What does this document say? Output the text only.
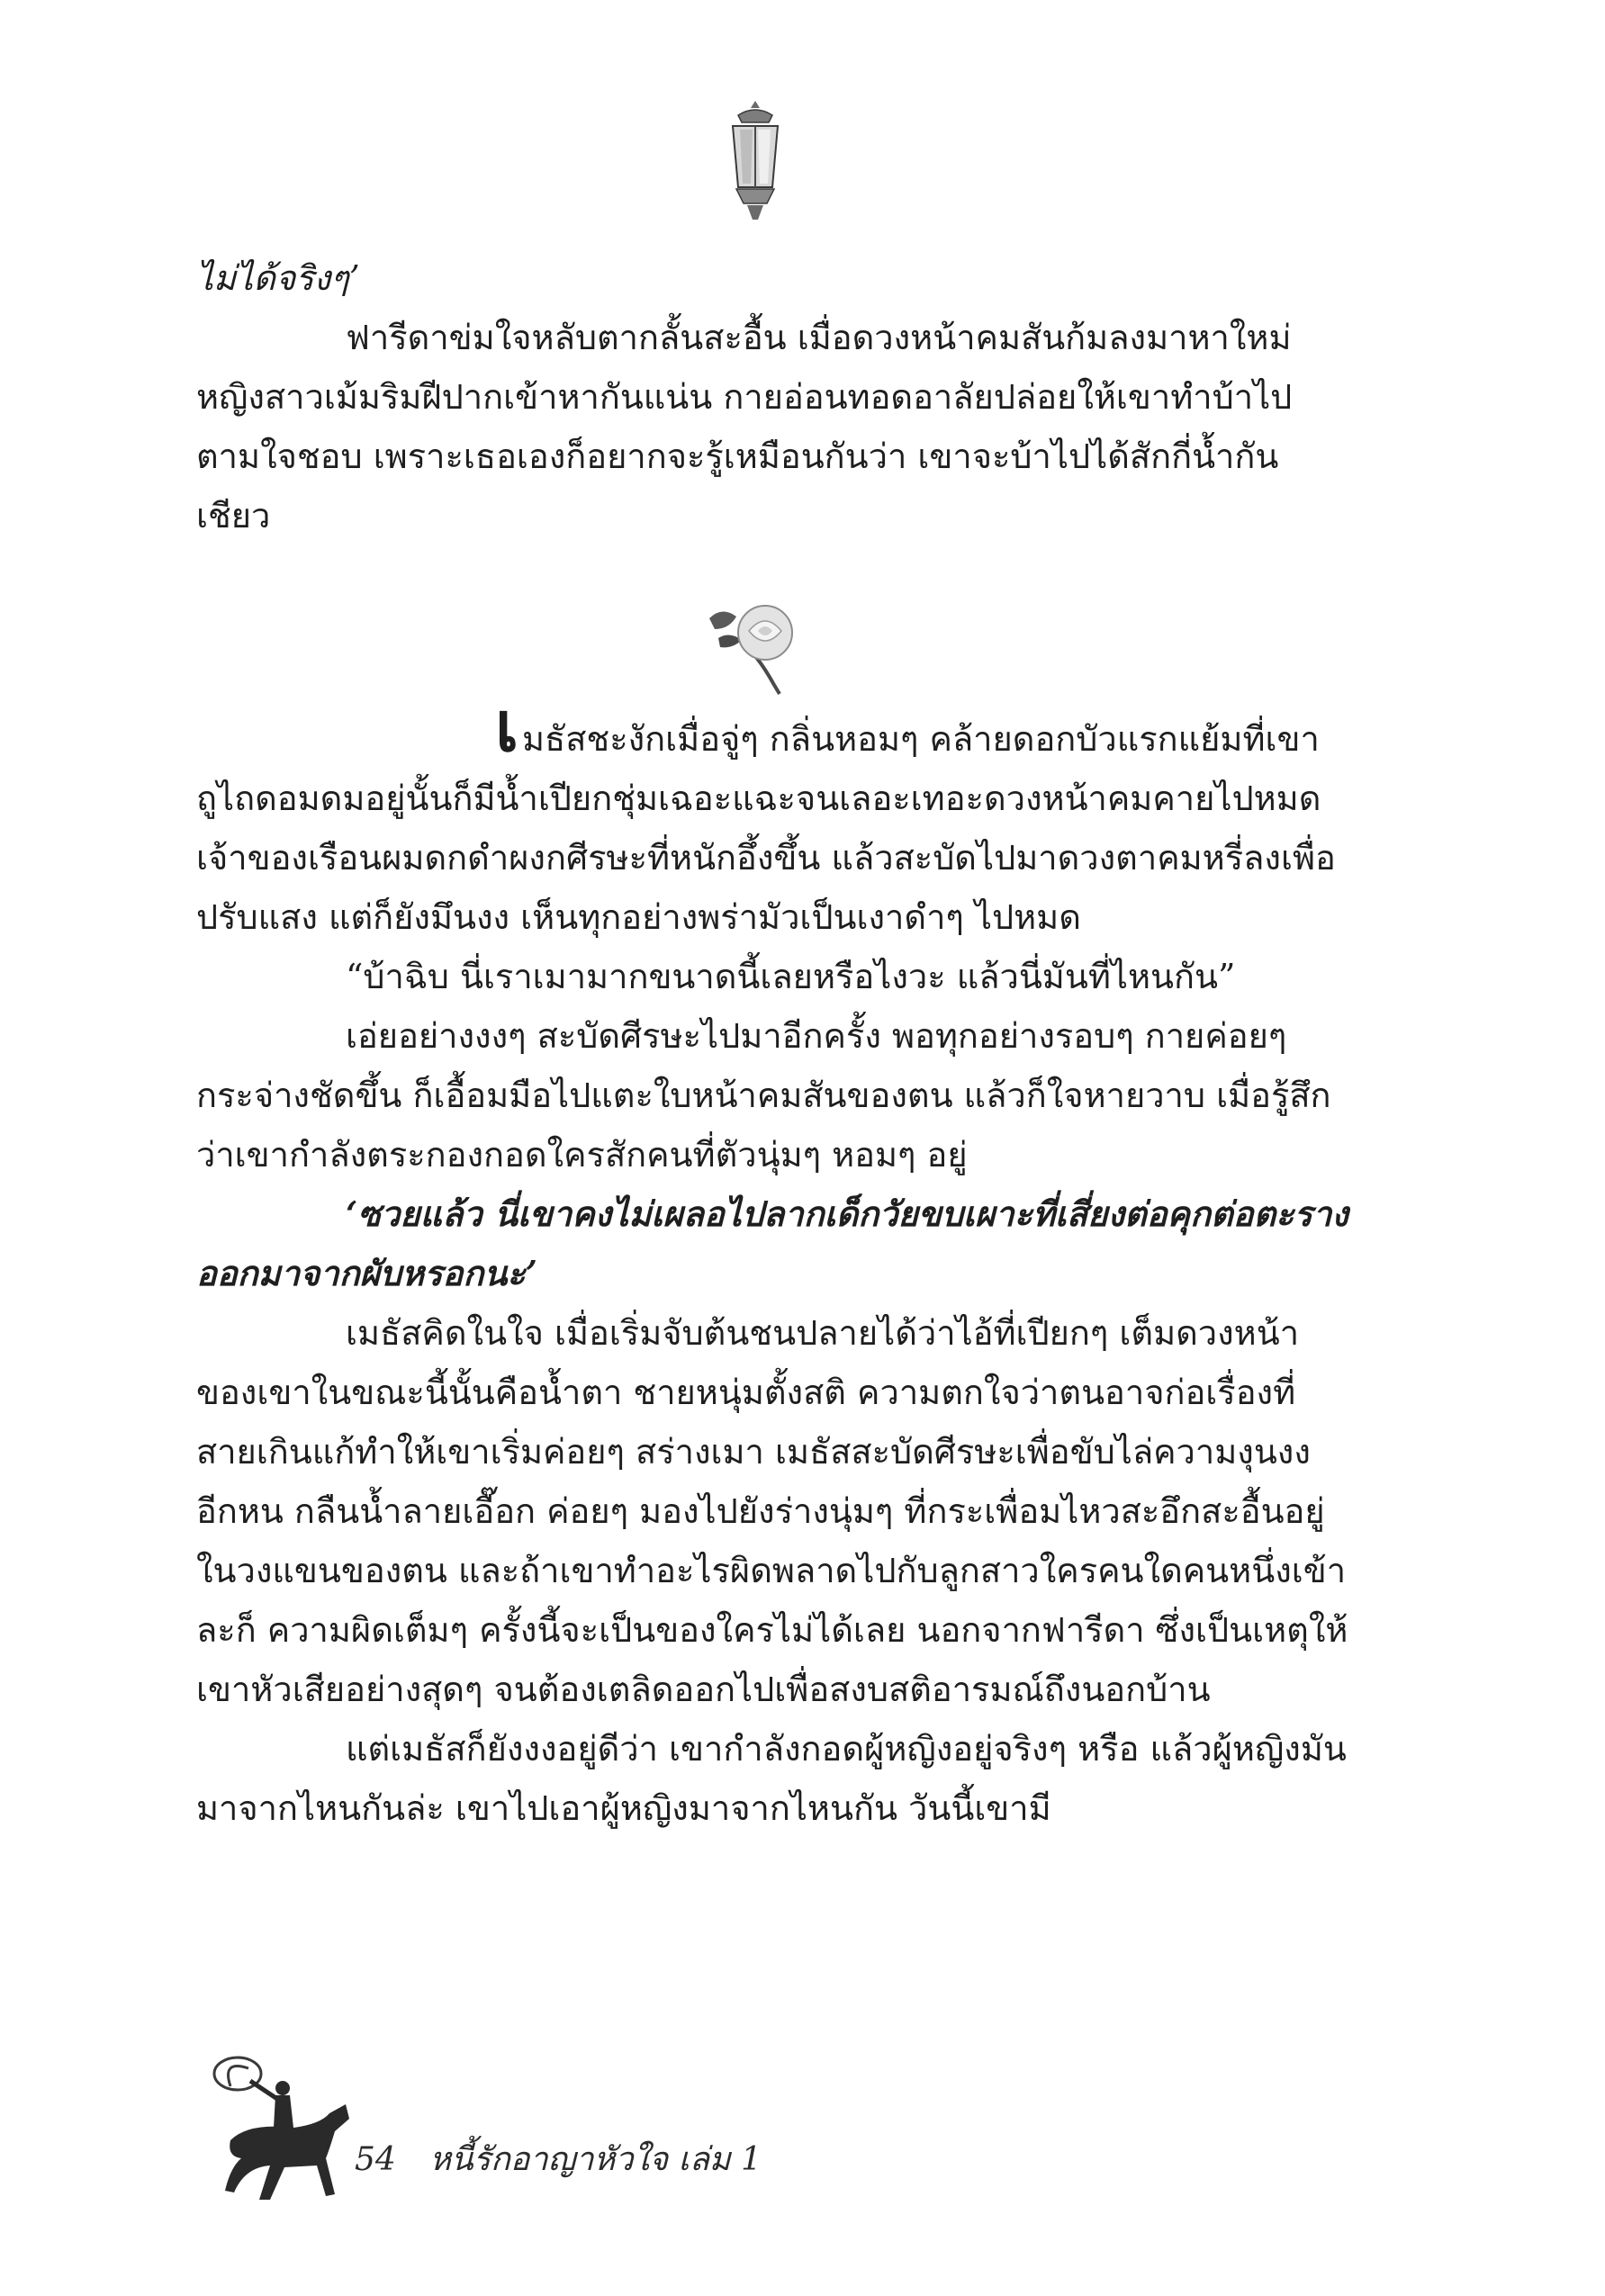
ไม่ได้จริงๆ’

ฟารีดาข่มใจหลับตากลั้นสะอื้น เมื่อดวงหน้าคมสันก้มลงมาหาใหม่ หญิงสาวเม้มริมฝีปากเข้าหากันแน่น กายอ่อนทอดอาลัยปล่อยให้เขาทำบ้าไปตามใจชอบ เพราะเธอเองก็อยากจะรู้เหมือนกันว่า เขาจะบ้าไปได้สักกี่น้ำกันเชียว

เมธัสชะงักเมื่อจู่ๆ กลิ่นหอมๆ คล้ายดอกบัวแรกแย้มที่เขาถูไถดอมดมอยู่นั้นก็มีน้ำเปียกชุ่มเฉอะแฉะจนเลอะเทอะดวงหน้าคมคายไปหมด เจ้าของเรือนผมดกดำผงกศีรษะที่หนักอึ้งขึ้น แล้วสะบัดไปมาดวงตาคมหรี่ลงเพื่อปรับแสง แต่ก็ยังมึนงง เห็นทุกอย่างพร่ามัวเป็นเงาดำๆ ไปหมด

“บ้าฉิบ นี่เราเมามากขนาดนี้เลยหรือไงวะ แล้วนี่มันที่ไหนกัน”

เอ่ยอย่างงงๆ สะบัดศีรษะไปมาอีกครั้ง พอทุกอย่างรอบๆ กายค่อยๆ กระจ่างชัดขึ้น ก็เอื้อมมือไปแตะใบหน้าคมสันของตน แล้วก็ใจหายวาบ เมื่อรู้สึกว่าเขากำลังตระกองกอดใครสักคนที่ตัวนุ่มๆ หอมๆ อยู่

‘ซวยแล้ว นี่เขาคงไม่เผลอไปลากเด็กวัยขบเผาะที่เสี่ยงต่อคุกต่อตะรางออกมาจากผับหรอกนะ’

เมธัสคิดในใจ เมื่อเริ่มจับต้นชนปลายได้ว่าไอ้ที่เปียกๆ เต็มดวงหน้าของเขาในขณะนี้นั้นคือน้ำตา ชายหนุ่มตั้งสติ ความตกใจว่าตนอาจก่อเรื่องที่สายเกินแก้ทำให้เขาเริ่มค่อยๆ สร่างเมา เมธัสสะบัดศีรษะเพื่อขับไล่ความงุนงงอีกหน กลืนน้ำลายเอื๊อก ค่อยๆ มองไปยังร่างนุ่มๆ ที่กระเพื่อมไหวสะอึกสะอื้นอยู่ในวงแขนของตน และถ้าเขาทำอะไรผิดพลาดไปกับลูกสาวใครคนใดคนหนึ่งเข้าละก็ ความผิดเต็มๆ ครั้งนี้จะเป็นของใครไม่ได้เลย นอกจากฟารีดา ซึ่งเป็นเหตุให้เขาหัวเสียอย่างสุดๆ จนต้องเตลิดออกไปเพื่อสงบสติอารมณ์ถึงนอกบ้าน

แต่เมธัสก็ยังงงอยู่ดีว่า เขากำลังกอดผู้หญิงอยู่จริงๆ หรือ แล้วผู้หญิงมันมาจากไหนกันล่ะ เขาไปเอาผู้หญิงมาจากไหนกัน วันนี้เขามี

54 หนี้รักอาญาหัวใจ เล่ม 1
